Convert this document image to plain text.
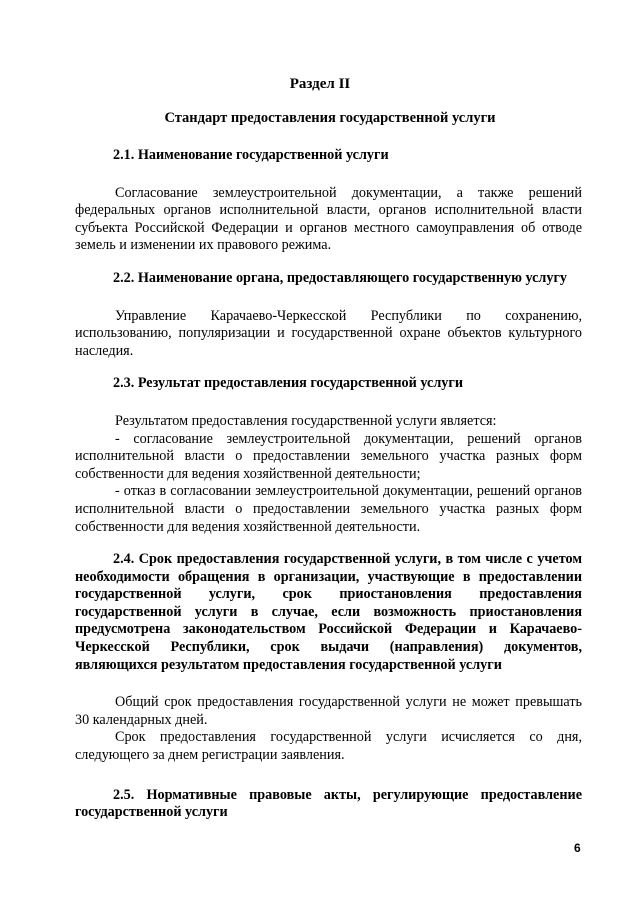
Раздел II
Стандарт предоставления государственной услуги
2.1. Наименование государственной услуги

Согласование землеустроительной документации, а также решений федеральных органов исполнительной власти, органов исполнительной власти субъекта Российской Федерации и органов местного самоуправления об отводе земель и изменении их правового режима.

2.2. Наименование органа, предоставляющего государственную услугу

Управление Карачаево-Черкесской Республики по сохранению, использованию, популяризации и государственной охране объектов культурного наследия.

2.3. Результат предоставления государственной услуги

Результатом предоставления государственной услуги является:

- согласование землеустроительной документации, решений органов исполнительной власти о предоставлении земельного участка разных форм собственности для ведения хозяйственной деятельности;

- отказ в согласовании землеустроительной документации, решений органов исполнительной власти о предоставлении земельного участка разных форм собственности для ведения хозяйственной деятельности.

2.4. Срок предоставления государственной услуги, в том числе с учетом необходимости обращения в организации, участвующие в предоставлении государственной услуги, срок приостановления предоставления государственной услуги в случае, если возможность приостановления предусмотрена законодательством Российской Федерации и Карачаево-Черкесской Республики, срок выдачи (направления) документов, являющихся результатом предоставления государственной услуги

Общий срок предоставления государственной услуги не может превышать 30 календарных дней.

Срок предоставления государственной услуги исчисляется со дня, следующего за днем регистрации заявления.

2.5. Нормативные правовые акты, регулирующие предоставление государственной услуги
6
